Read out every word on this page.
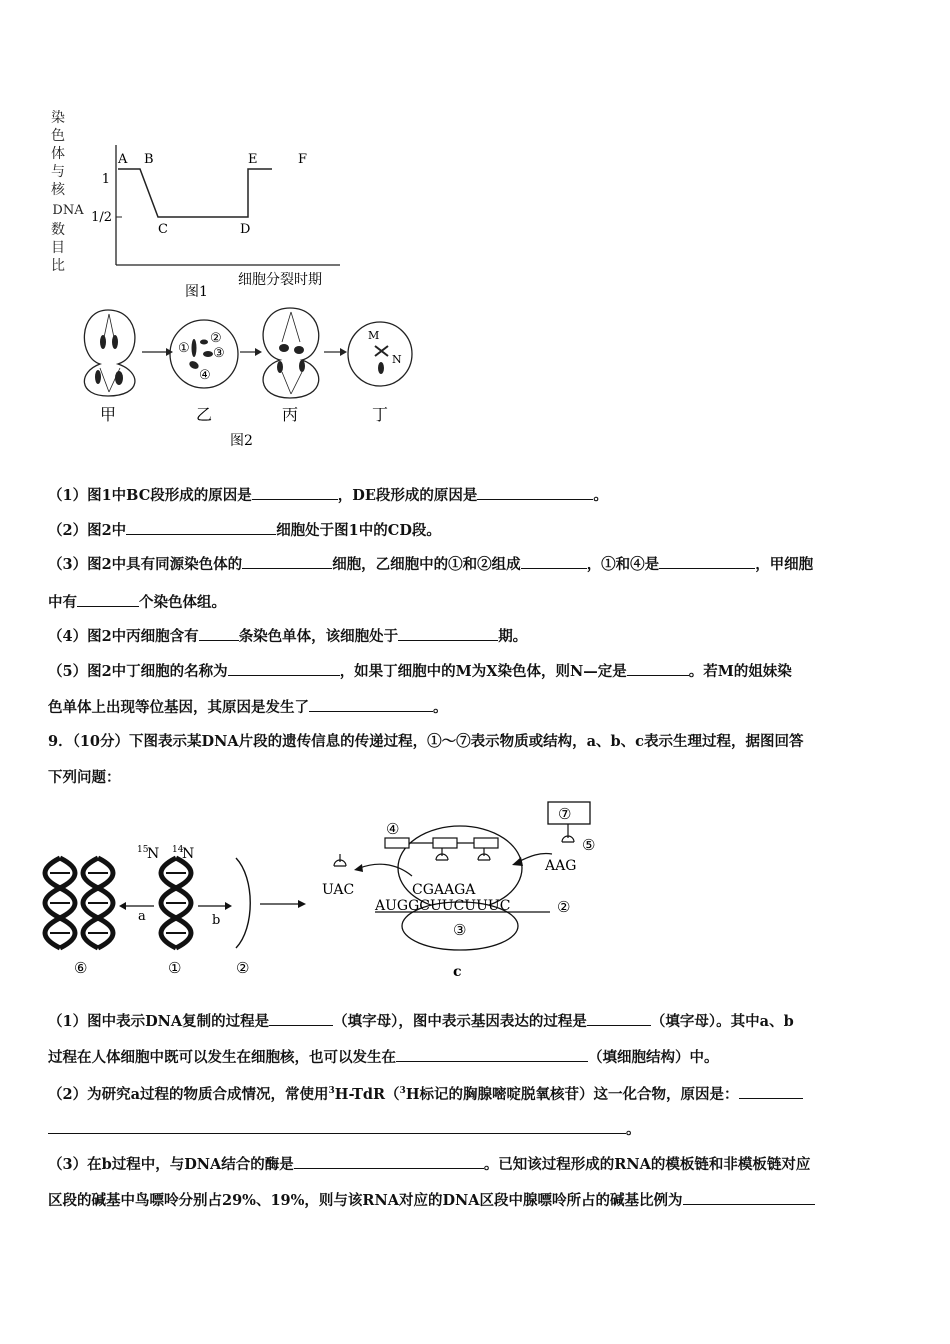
染
色
体
与
核
DNA
数
目
比
1
1/2
A B
C	D
E	F
细胞分裂时期
图1
①
②
③
④
M
N
甲	乙	丙	丁
图2
（1）图1中BC段形成的原因是	，DE段形成的原因是	。
（2）图2中	细胞处于图1中的CD段。
（3）图2中具有同源染色体的	细胞，乙细胞中的①和②组成	，①和④是	，甲细胞
中有	个染色体组。
（4）图2中丙细胞含有	条染色单体，该细胞处于	期。
（5）图2中丁细胞的名称为	，如果丁细胞中的M为X染色体，则N—定是	。若M的姐妹染
色单体上出现等位基因，其原因是发生了	。
9．（10分）下图表示某DNA片段的遗传信息的传递过程，①～⑦表示物质或结构，a、b、c表示生理过程，据图回答
下列问题：
15
N 14
N
a	b
⑥	①	②
③
④
CGAAGA
AUGGCUUCUUUC	②
c
UAC
⑦
⑤
AAG
（1）图中表示DNA复制的过程是	（填字母），图中表示基因表达的过程是	（填字母）。其中a、b
过程在人体细胞中既可以发生在细胞核，也可以发生在	（填细胞结构）中。
（2）为研究a过程的物质合成情况，常使用$^3$H-TdR（$^3$H标记的胸腺嘧啶脱氧核苷）这一化合物，原因是：
。
（3）在b过程中，与DNA结合的酶是	。已知该过程形成的RNA的模板链和非模板链对应
区段的碱基中鸟嘌呤分别占29%、19%，则与该RNA对应的DNA区段中腺嘌呤所占的碱基比例为
